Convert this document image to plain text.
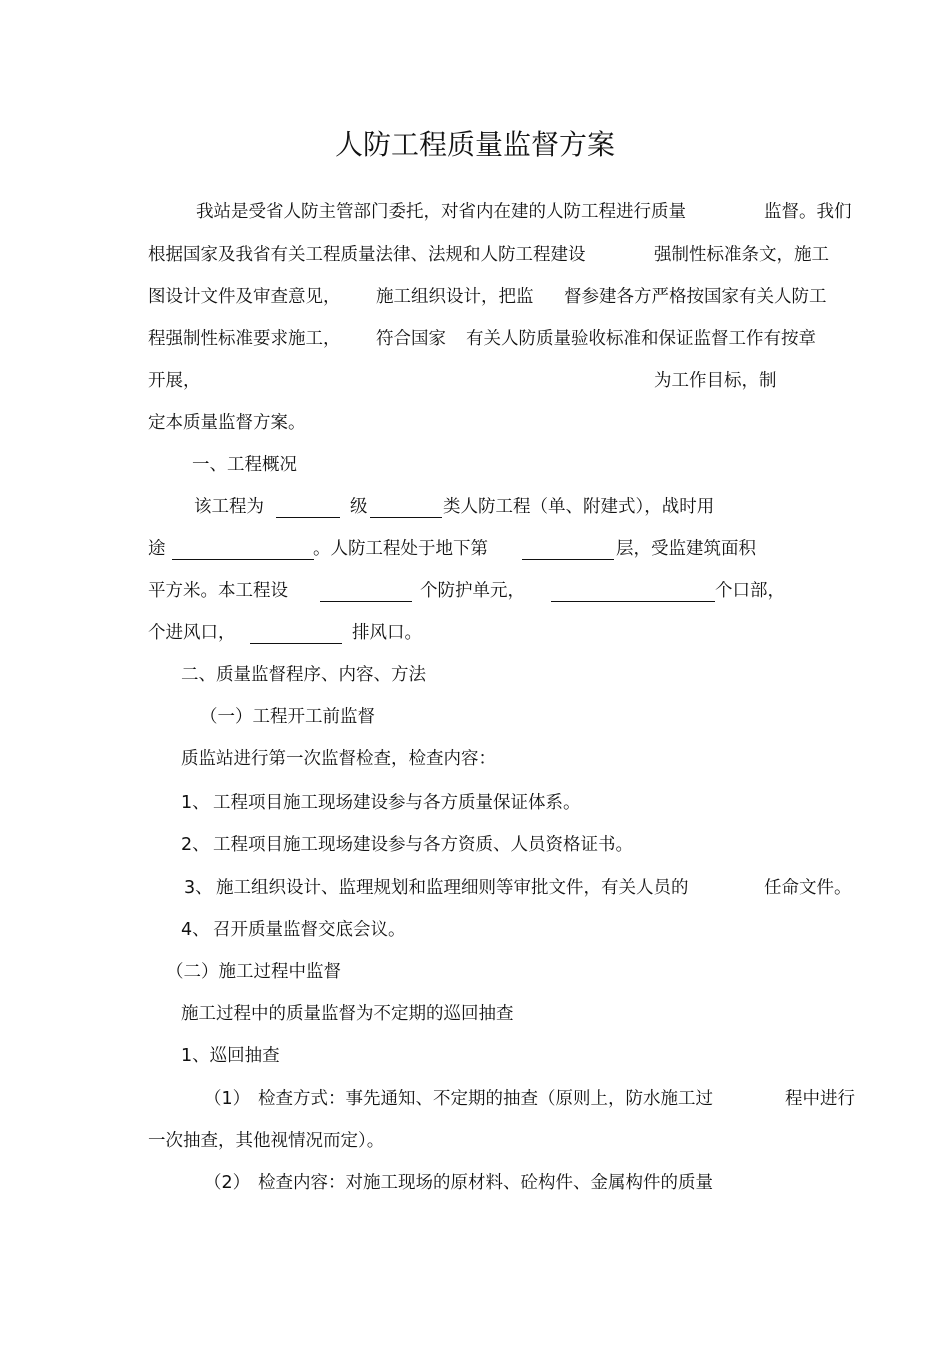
人防工程质量监督方案
我站是受省人防主管部门委托，对省内在建的人防工程进行质量	监督。我们
根据国家及我省有关工程质量法律、法规和人防工程建设	强制性标准条文，施工
图设计文件及审查意见， 施工组织设计，把监 督参建各方严格按国家有关人防工
程强制性标准要求施工， 符合国家 有关人防质量验收标准和保证监督工作有按章
开展，	为工作目标，制
定本质量监督方案。
一、工程概况
该工程为	级	类人防工程（单、附建式），战时用
途	。人防工程处于地下第	层，受监建筑面积
平方米。本工程设	个防护单元，	个口部，
个进风口，	排风口。
二、质量监督程序、内容、方法
（一）工程开工前监督
质监站进行第一次监督检查，检查内容：
1、 工程项目施工现场建设参与各方质量保证体系。
2、 工程项目施工现场建设参与各方资质、人员资格证书。
3、 施工组织设计、监理规划和监理细则等审批文件，有关人员的	任命文件。
4、 召开质量监督交底会议。
（二）施工过程中监督
施工过程中的质量监督为不定期的巡回抽查
1、巡回抽查
（1） 检查方式：事先通知、不定期的抽查（原则上，防水施工过	程中进行
一次抽查，其他视情况而定）。
（2） 检查内容：对施工现场的原材料、砼构件、金属构件的质量
